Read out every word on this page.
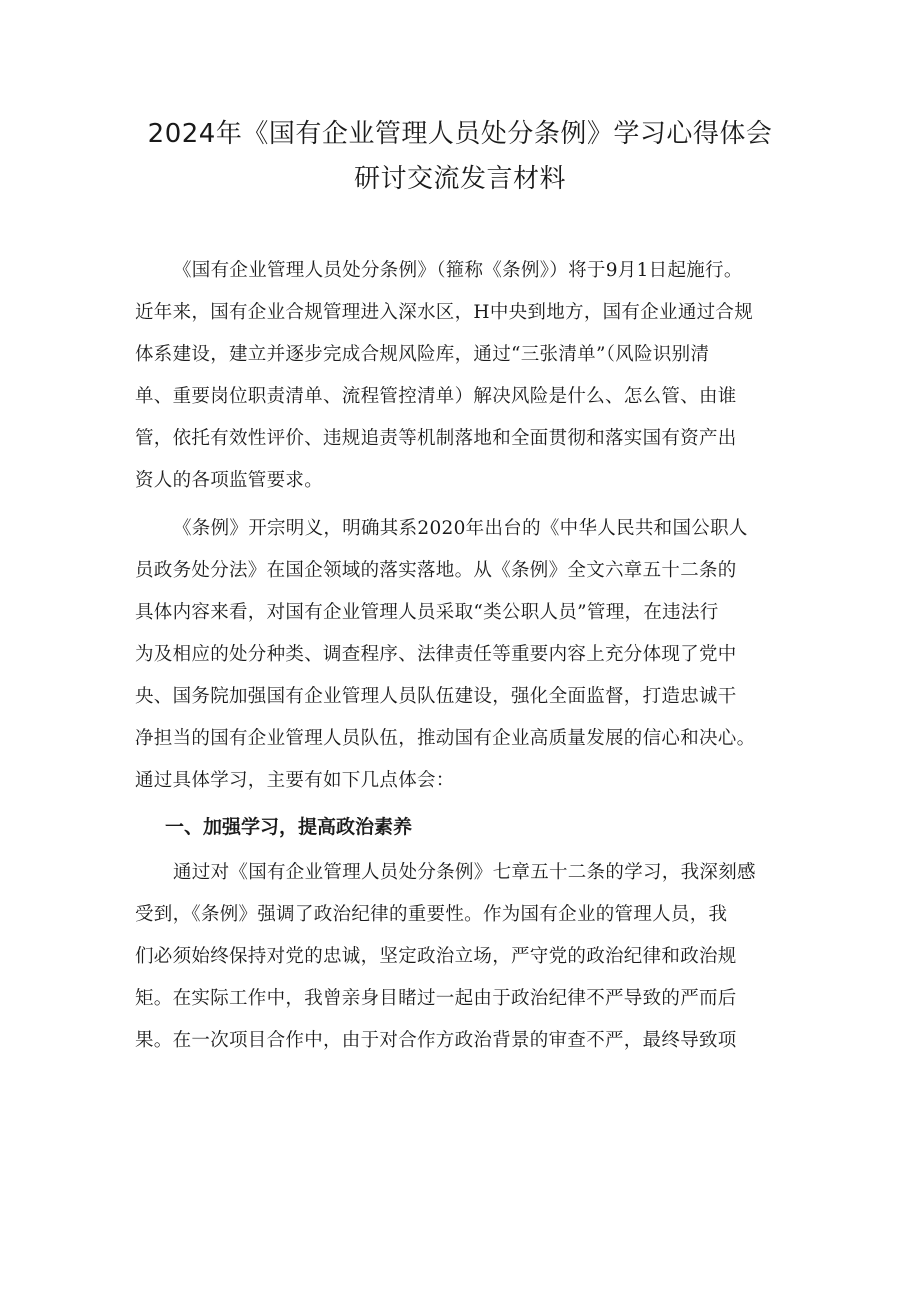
2024年《国有企业管理人员处分条例》学习心得体会
研讨交流发言材料
《国有企业管理人员处分条例》（箍称《条例》）将于9月1日起施行。
近年来，国有企业合规管理进入深水区，H中央到地方，国有企业通过合规
体系建设，建立并逐步完成合规风险库，通过“三张清单”（风险识别清
单、重要岗位职责清单、流程管控清单）解决风险是什么、怎么管、由谁
管，依托有效性评价、违规追责等机制落地和全面贯彻和落实国有资产出
资人的各项监管要求。
《条例》开宗明义，明确其系2020年出台的《中华人民共和国公职人
员政务处分法》在国企领域的落实落地。从《条例》全文六章五十二条的
具体内容来看，对国有企业管理人员采取“类公职人员”管理，在违法行
为及相应的处分种类、调查程序、法律责任等重要内容上充分体现了党中
央、国务院加强国有企业管理人员队伍建设，强化全面监督，打造忠诚干
净担当的国有企业管理人员队伍，推动国有企业高质量发展的信心和决心。
通过具体学习，主要有如下几点体会：
一、加强学习，提高政治素养
通过对《国有企业管理人员处分条例》七章五十二条的学习，我深刻感
受到，《条例》强调了政治纪律的重要性。作为国有企业的管理人员，我
们必须始终保持对党的忠诚，坚定政治立场，严守党的政治纪律和政治规
矩。在实际工作中，我曾亲身目睹过一起由于政治纪律不严导致的严而后
果。在一次项目合作中，由于对合作方政治背景的审查不严，最终导致项
